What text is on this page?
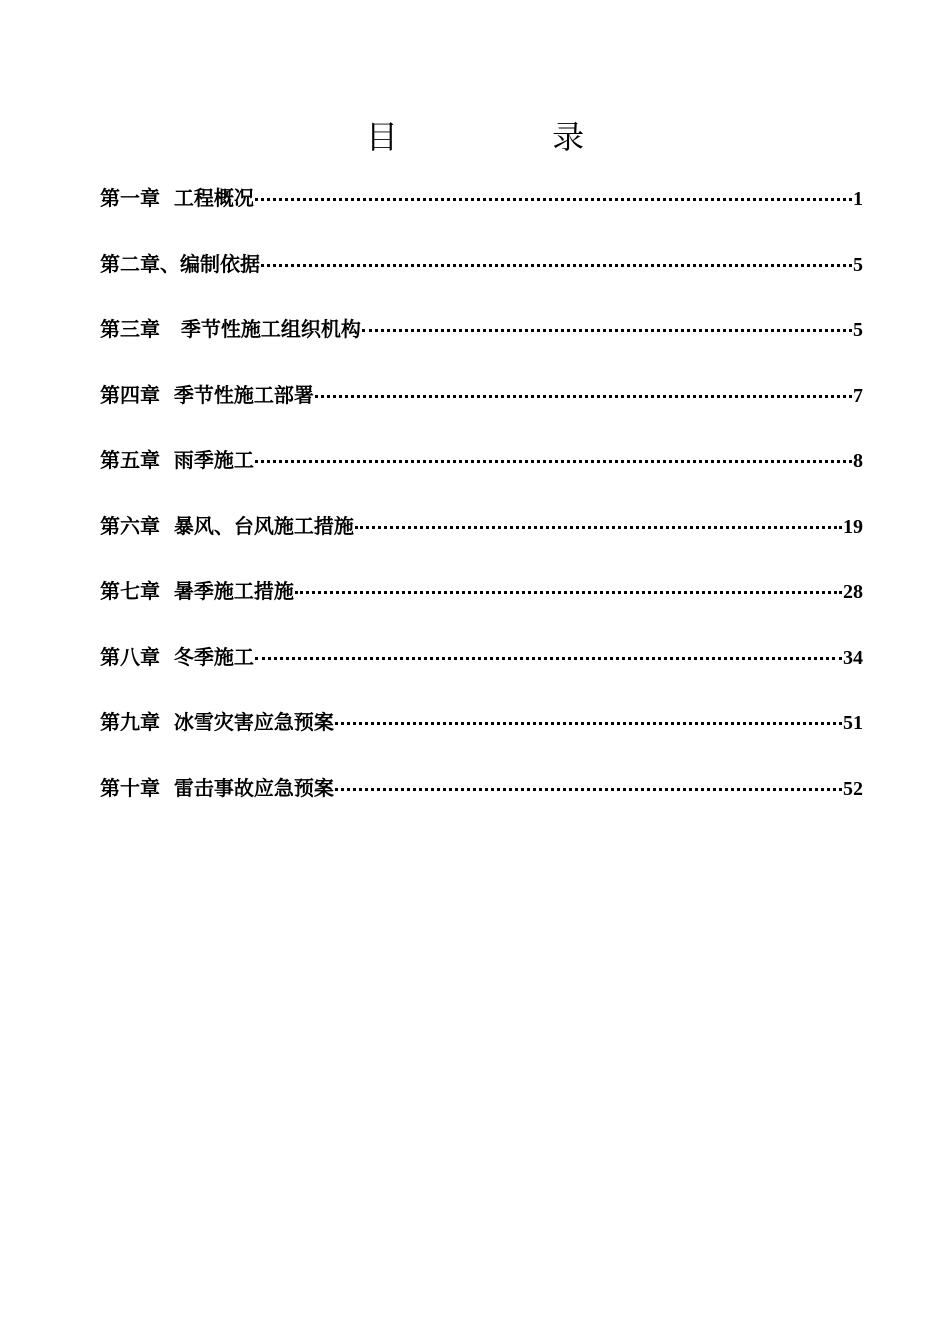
目 录
第一章  工程概况	1
第二章、编制依据	5
第三章   季节性施工组织机构	5
第四章  季节性施工部署	7
第五章  雨季施工	8
第六章  暴风、台风施工措施	19
第七章  暑季施工措施	28
第八章  冬季施工	34
第九章  冰雪灾害应急预案	51
第十章  雷击事故应急预案	52
